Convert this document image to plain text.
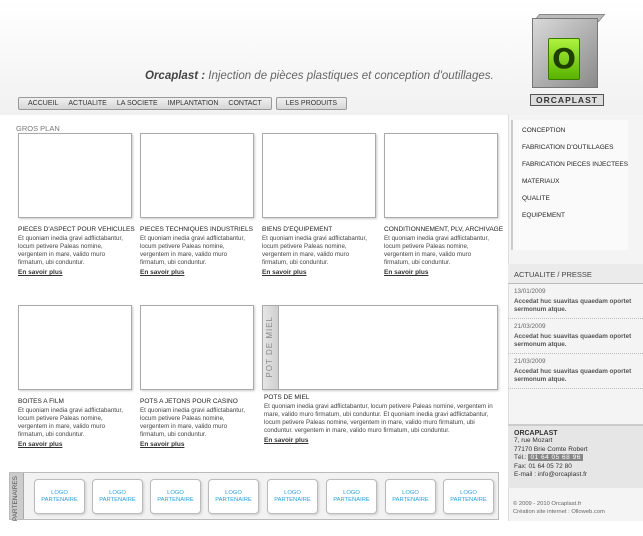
Orcaplast : Injection de pièces plastiques et conception d'outillages.
O
ORCAPLAST
ACCUEIL	ACTUALITE	LA SOCIETE	IMPLANTATION	CONTACT	LES PRODUITS
GROS PLAN
PIECES D'ASPECT POUR VEHICULES
Et quoniam inedia gravi adflictabantur, locum petivere Paleas nomine, vergentem in mare, valido muro firmatum, ubi conduntur.
En savoir plus
PIECES TECHNIQUES INDUSTRIELS
Et quoniam inedia gravi adflictabantur, locum petivere Paleas nomine, vergentem in mare, valido muro firmatum, ubi conduntur.
En savoir plus
BIENS D'EQUIPEMENT
Et quoniam inedia gravi adflictabantur, locum petivere Paleas nomine, vergentem in mare, valido muro firmatum, ubi conduntur.
En savoir plus
CONDITIONNEMENT, PLV, ARCHIVAGE
Et quoniam inedia gravi adflictabantur, locum petivere Paleas nomine, vergentem in mare, valido muro firmatum, ubi conduntur.
En savoir plus
BOITES A FILM
Et quoniam inedia gravi adflictabantur, locum petivere Paleas nomine, vergentem in mare, valido muro firmatum, ubi conduntur.
En savoir plus
POTS A JETONS POUR CASINO
Et quoniam inedia gravi adflictabantur, locum petivere Paleas nomine, vergentem in mare, valido muro firmatum, ubi conduntur.
En savoir plus
POT DE MIEL
POTS DE MIEL
Et quoniam inedia gravi adflictabantur, locum petivere Paleas nomine, vergentem in mare, valido muro firmatum, ubi conduntur. Et quoniam inedia gravi adflictabantur, locum petivere Paleas nomine, vergentem in mare, valido muro firmatum, ubi conduntur. vergentem in mare, valido muro firmatum, ubi conduntur.
En savoir plus
CONCEPTION
FABRICATION D'OUTILLAGES
FABRICATION PIECES INJECTEES
MATERIAUX
QUALITE
EQUIPEMENT
ACTUALITE / PRESSE
13/01/2009
Accedat huc suavitas quaedam oportet sermonum atque.
21/03/2009
Accedat huc suavitas quaedam oportet sermonum atque.
21/03/2009
Accedat huc suavitas quaedam oportet sermonum atque.
ORCAPLAST
7, rue Mozart
77170 Brie Comte Robert
Tél.: 01 64 05 68 96
Fax: 01 64 05 72 80
E-mail : info@orcaplast.fr
© 2009 - 2010 Orcaplast.fr
Création site internet : Olloweb.com
PARTENAIRES	LOGO PARTENAIRE
LOGO PARTENAIRE
LOGO PARTENAIRE
LOGO PARTENAIRE
LOGO PARTENAIRE
LOGO PARTENAIRE
LOGO PARTENAIRE
LOGO PARTENAIRE
